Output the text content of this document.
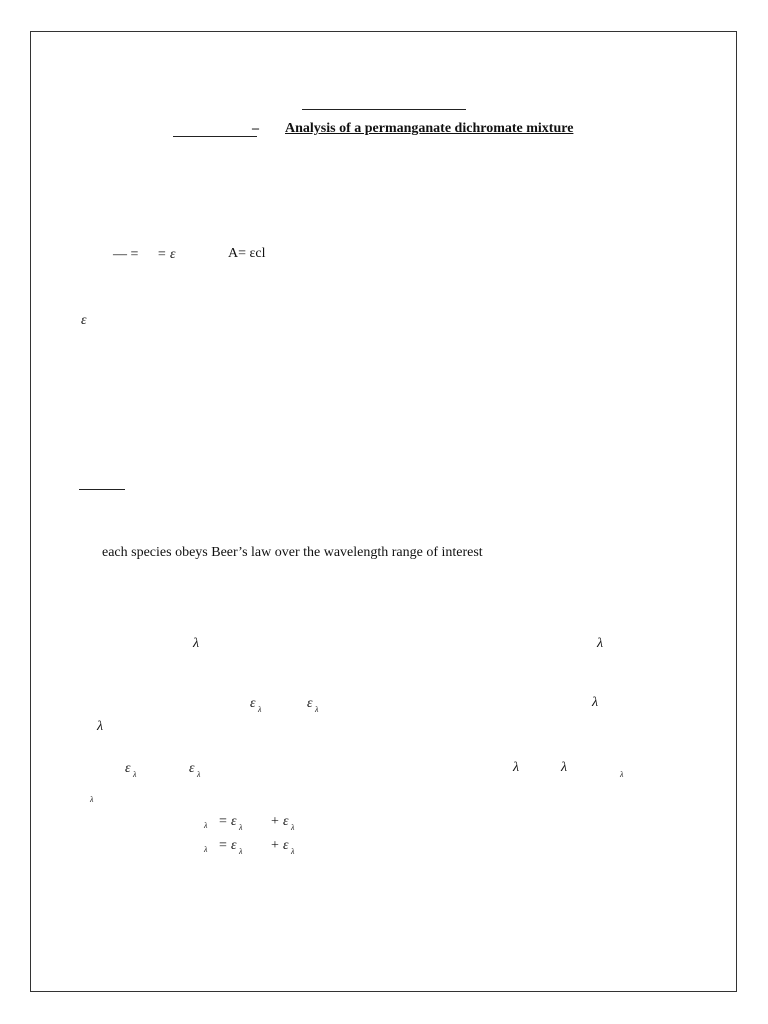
– Analysis of a permanganate dichromate mixture
— = = ε	A= εcl
ε
each species obeys Beer’s law over the wavelength range of interest
λ	λ
ε λ	ε λ	λ
λ
ε λ	ε λ	λ	λ	λ
λ
λ = ε λ + ε λ
λ = ε λ + ε λ
